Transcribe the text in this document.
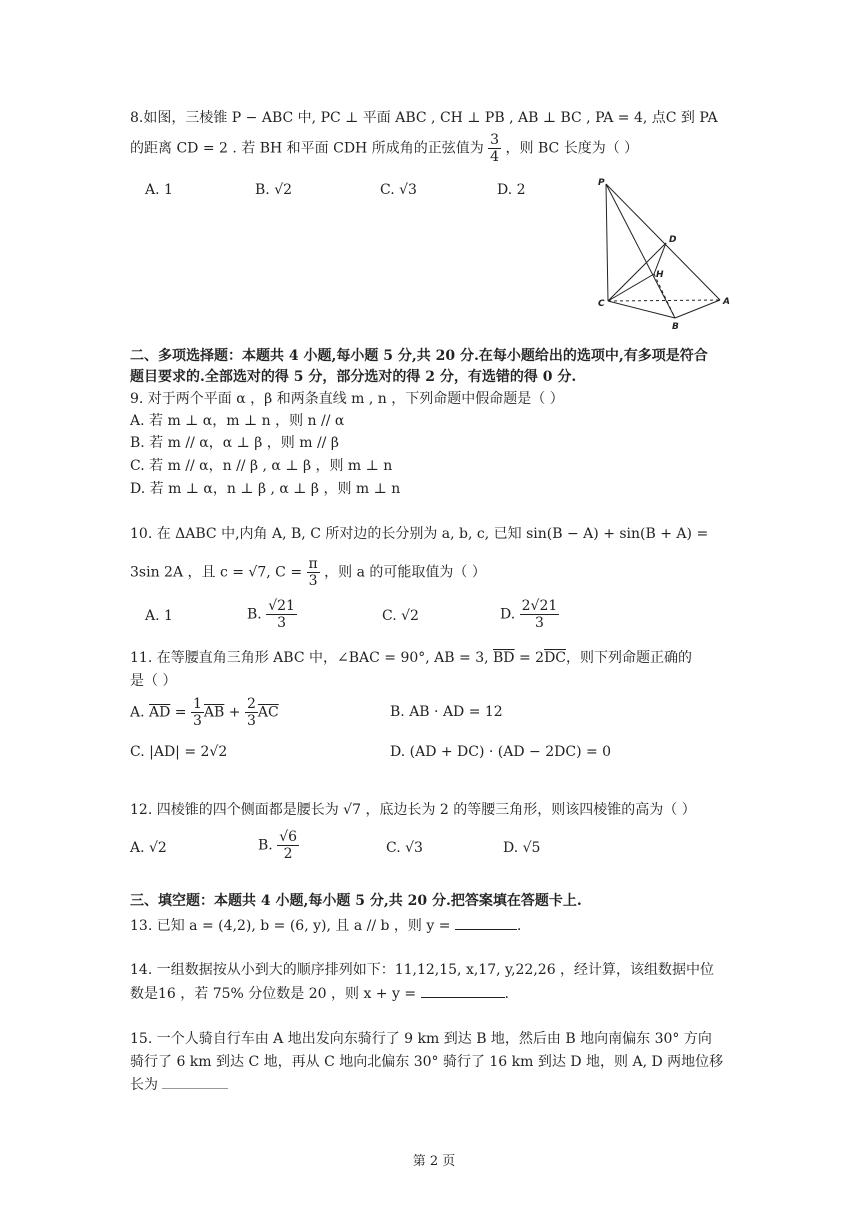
8.如图，三棱锥 P − ABC 中, PC ⊥ 平面 ABC , CH ⊥ PB , AB ⊥ BC , PA = 4, 点C 到 PA
的距离 CD = 2 . 若 BH 和平面 CDH 所成角的正弦值为 $\frac{3}{4}$ ，则 BC 长度为（ ）
A. 1	B. √2	C. √3	D. 2	P
D
H
C	A
B
二、多项选择题：本题共 4 小题,每小题 5 分,共 20 分.在每小题给出的选项中,有多项是符合
题目要求的.全部选对的得 5 分，部分选对的得 2 分，有选错的得 0 分.
9. 对于两个平面 α ，β 和两条直线 m , n ，下列命题中假命题是（ ）
A. 若 m ⊥ α，m ⊥ n ，则 n // α
B. 若 m // α，α ⊥ β ，则 m // β
C. 若 m // α，n // β , α ⊥ β ，则 m ⊥ n
D. 若 m ⊥ α，n ⊥ β , α ⊥ β ，则 m ⊥ n
10. 在 ΔABC 中,内角 A, B, C 所对边的长分别为 a, b, c, 已知 sin(B − A) + sin(B + A) =
3sin 2A ，且 c = √7, $C = \frac{\pi}{3}$ ，则 a 的可能取值为（ ）
A. 1	B. $\frac{√21}{3}$	C. √2	D. $\frac{2√21}{3}$
11. 在等腰直角三角形 ABC 中，∠BAC = 90°, AB = 3, $\overline{BD} = 2\overline{DC}$，则下列命题正确的
是（ ）
A. $\overline{AD} = \frac{1}{3} \overline{AB} + \frac{2}{3} \overline{AC}$	B. AB · AD = 12
C. |AD| = 2√2	D. (AD + DC) · (AD − 2DC) = 0
12. 四棱锥的四个侧面都是腰长为 √7 ，底边长为 2 的等腰三角形，则该四棱锥的高为（ ）
A. √2	B. $\frac{√6}{2}$	C. √3	D. √5
三、填空题：本题共 4 小题,每小题 5 分,共 20 分.把答案填在答题卡上.
13. 已知 a = (4,2), b = (6, y), 且 a // b ，则 y =	.
14. 一组数据按从小到大的顺序排列如下：11,12,15, x,17, y,22,26 ，经计算，该组数据中位
数是16 ，若 75% 分位数是 20 ，则 x + y =	.
15. 一个人骑自行车由 A 地出发向东骑行了 9 km 到达 B 地，然后由 B 地向南偏东 30° 方向
骑行了 6 km 到达 C 地，再从 C 地向北偏东 30° 骑行了 16 km 到达 D 地，则 A, D 两地位移
长为
第 2 页
